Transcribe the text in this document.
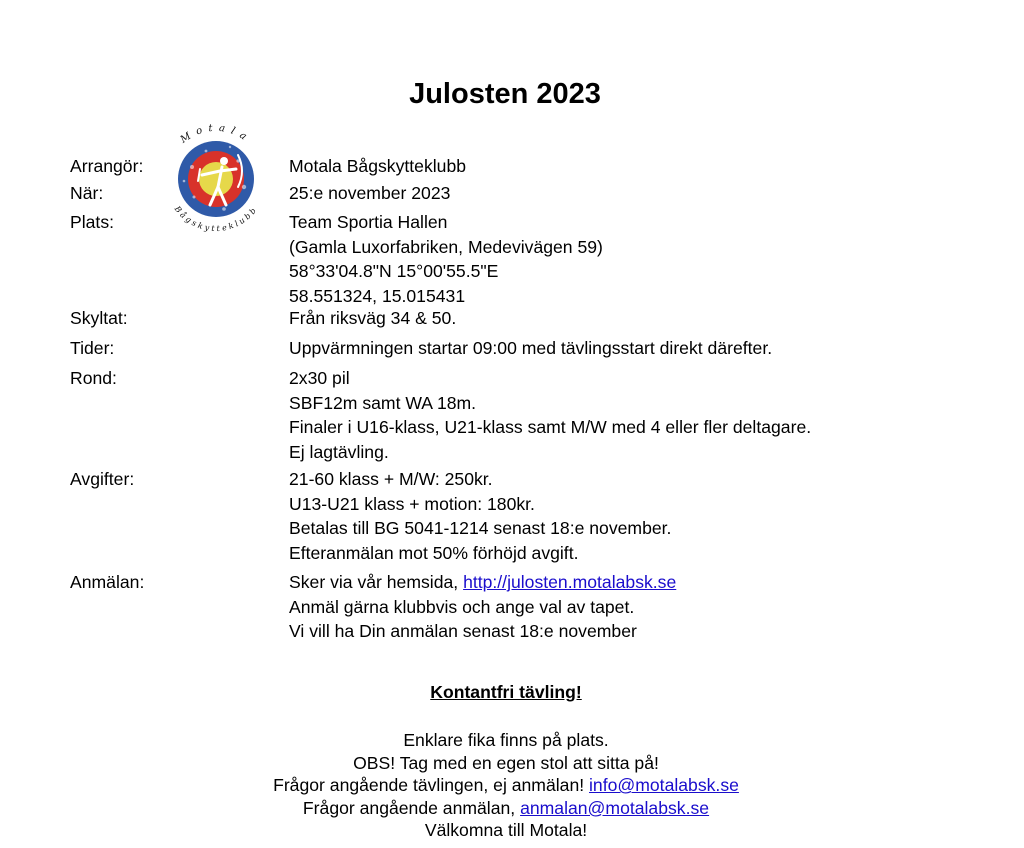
Julosten 2023
Motala
Bågskytteklubb
Arrangör:	Motala Bågskytteklubb
När:	25:e november 2023
Plats:	Team Sportia Hallen
(Gamla Luxorfabriken, Medevivägen 59)
58°33'04.8"N 15°00'55.5"E
58.551324, 15.015431
Skyltat:	Från riksväg 34 & 50.
Tider:	Uppvärmningen startar 09:00 med tävlingsstart direkt därefter.
Rond:	2x30 pil
SBF12m samt WA 18m.
Finaler i U16-klass, U21-klass samt M/W med 4 eller fler deltagare.
Ej lagtävling.
Avgifter:	21-60 klass + M/W: 250kr.
U13-U21 klass + motion: 180kr.
Betalas till BG 5041-1214 senast 18:e november.
Efteranmälan mot 50% förhöjd avgift.
Anmälan:	Sker via vår hemsida, http://julosten.motalabsk.se
Anmäl gärna klubbvis och ange val av tapet.
Vi vill ha Din anmälan senast 18:e november
Kontantfri tävling!
Enklare fika finns på plats.
OBS! Tag med en egen stol att sitta på!
Frågor angående tävlingen, ej anmälan! info@motalabsk.se
Frågor angående anmälan, anmalan@motalabsk.se
Välkomna till Motala!
